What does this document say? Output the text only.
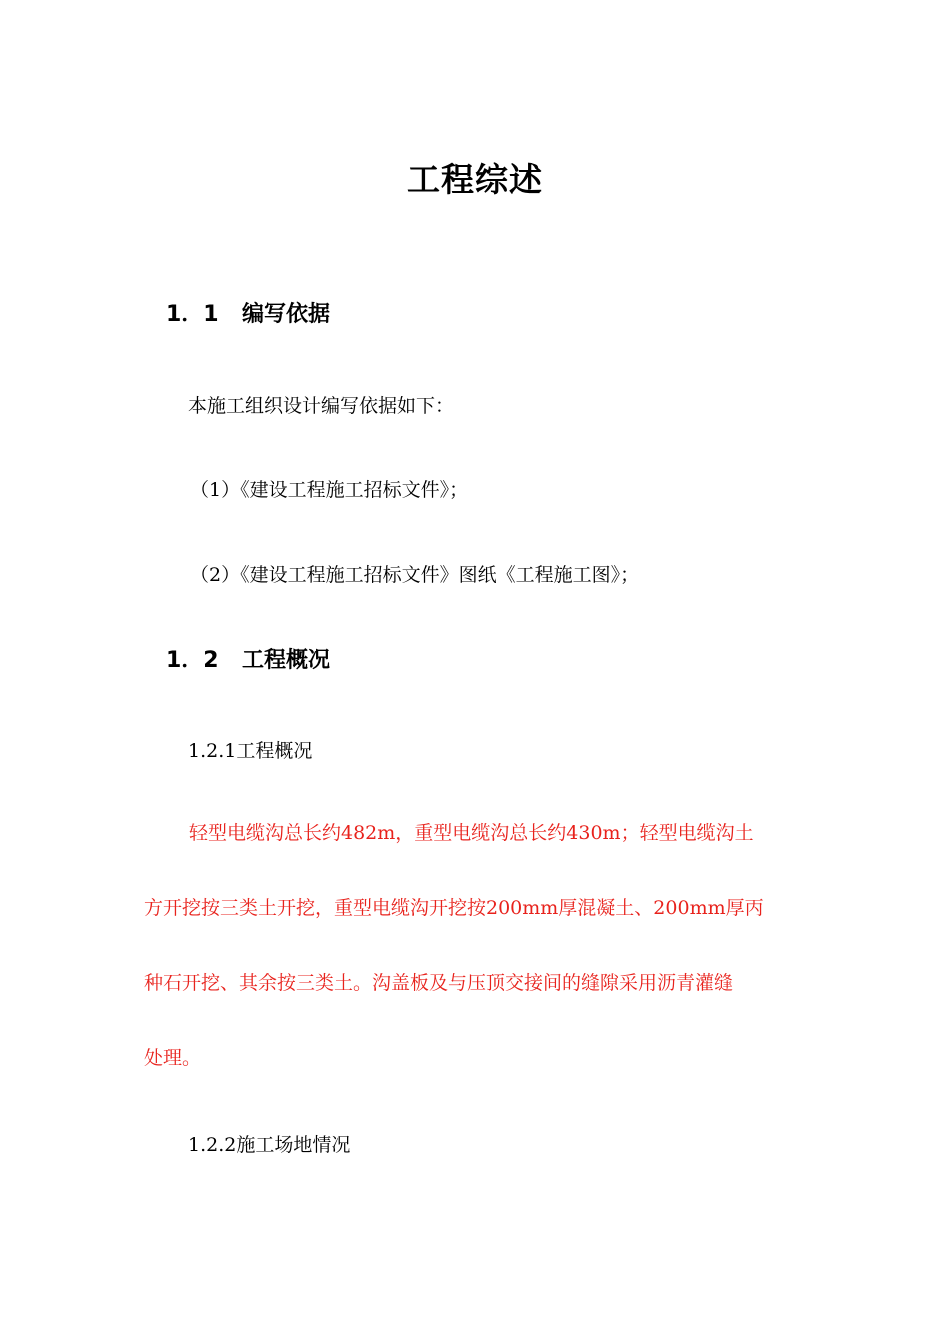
工程综述
1．1 编写依据
本施工组织设计编写依据如下：
（1）《建设工程施工招标文件》；
（2）《建设工程施工招标文件》图纸《工程施工图》；
1．2 工程概况
1.2.1工程概况
轻型电缆沟总长约482m，重型电缆沟总长约430m；轻型电缆沟土
方开挖按三类土开挖，重型电缆沟开挖按200mm厚混凝土、200mm厚丙
种石开挖、其余按三类土。沟盖板及与压顶交接间的缝隙采用沥青灌缝
处理。
1.2.2施工场地情况
